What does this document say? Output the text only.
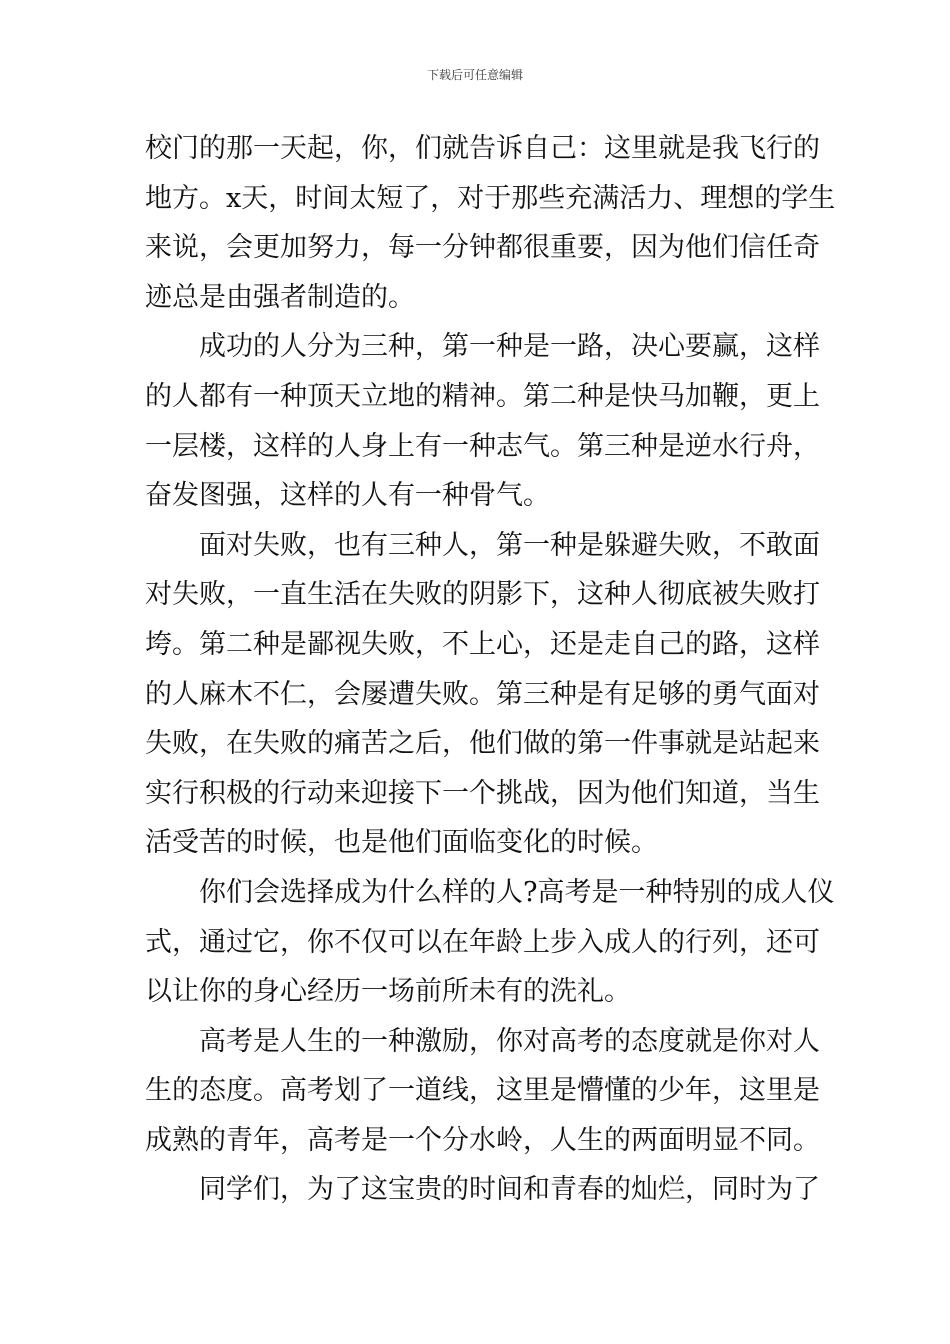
下载后可任意编辑
校门的那一天起，你，们就告诉自己：这里就是我飞行的
地方。x天，时间太短了，对于那些充满活力、理想的学生
来说，会更加努力，每一分钟都很重要，因为他们信任奇
迹总是由强者制造的。
成功的人分为三种，第一种是一路，决心要赢，这样
的人都有一种顶天立地的精神。第二种是快马加鞭，更上
一层楼，这样的人身上有一种志气。第三种是逆水行舟，
奋发图强，这样的人有一种骨气。
面对失败，也有三种人，第一种是躲避失败，不敢面
对失败，一直生活在失败的阴影下，这种人彻底被失败打
垮。第二种是鄙视失败，不上心，还是走自己的路，这样
的人麻木不仁，会屡遭失败。第三种是有足够的勇气面对
失败，在失败的痛苦之后，他们做的第一件事就是站起来
实行积极的行动来迎接下一个挑战，因为他们知道，当生
活受苦的时候，也是他们面临变化的时候。
你们会选择成为什么样的人?高考是一种特别的成人仪
式，通过它，你不仅可以在年龄上步入成人的行列，还可
以让你的身心经历一场前所未有的洗礼。
高考是人生的一种激励，你对高考的态度就是你对人
生的态度。高考划了一道线，这里是懵懂的少年，这里是
成熟的青年，高考是一个分水岭，人生的两面明显不同。
同学们，为了这宝贵的时间和青春的灿烂，同时为了
